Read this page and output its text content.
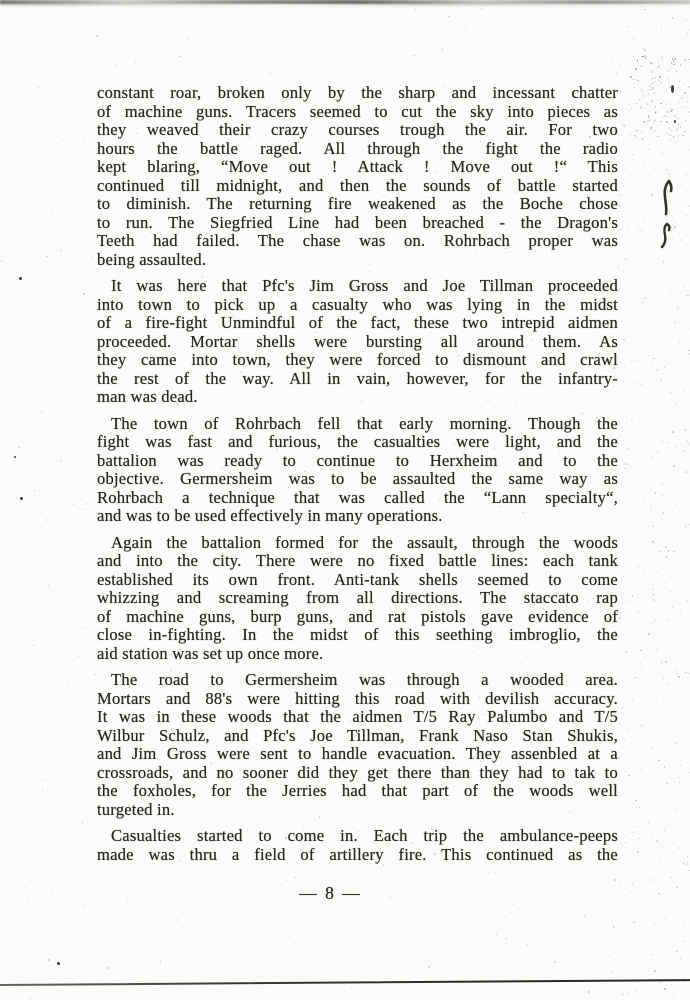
constant roar, broken only by the sharp and incessant chatter
of machine guns. Tracers seemed to cut the sky into pieces as
they weaved their crazy courses trough the air. For two
hours the battle raged. All through the fight the radio
kept blaring, “Move out ! Attack ! Move out !“ This
continued till midnight, and then the sounds of battle started
to diminish. The returning fire weakened as the Boche chose
to run. The Siegfried Line had been breached - the Dragon's
Teeth had failed. The chase was on. Rohrbach proper was
being assaulted.
It was here that Pfc's Jim Gross and Joe Tillman proceeded
into town to pick up a casualty who was lying in the midst
of a fire-fight Unmindful of the fact, these two intrepid aidmen
proceeded. Mortar shells were bursting all around them. As
they came into town, they were forced to dismount and crawl
the rest of the way. All in vain, however, for the infantry-
man was dead.
The town of Rohrbach fell that early morning. Though the
fight was fast and furious, the casualties were light, and the
battalion was ready to continue to Herxheim and to the
objective. Germersheim was to be assaulted the same way as
Rohrbach a technique that was called the “Lann specialty“,
and was to be used effectively in many operations.
Again the battalion formed for the assault, through the woods
and into the city. There were no fixed battle lines: each tank
established its own front. Anti-tank shells seemed to come
whizzing and screaming from all directions. The staccato rap
of machine guns, burp guns, and rat pistols gave evidence of
close in-fighting. In the midst of this seething imbroglio, the
aid station was set up once more.
The road to Germersheim was through a wooded area.
Mortars and 88's were hitting this road with devilish accuracy.
It was in these woods that the aidmen T/5 Ray Palumbo and T/5
Wilbur Schulz, and Pfc's Joe Tillman, Frank Naso Stan Shukis,
and Jim Gross were sent to handle evacuation. They assenbled at a
crossroads, and no sooner did they get there than they had to tak to
the foxholes, for the Jerries had that part of the woods well
turgeted in.
Casualties started to come in. Each trip the ambulance-peeps
made was thru a field of artillery fire. This continued as the
— 8 —
